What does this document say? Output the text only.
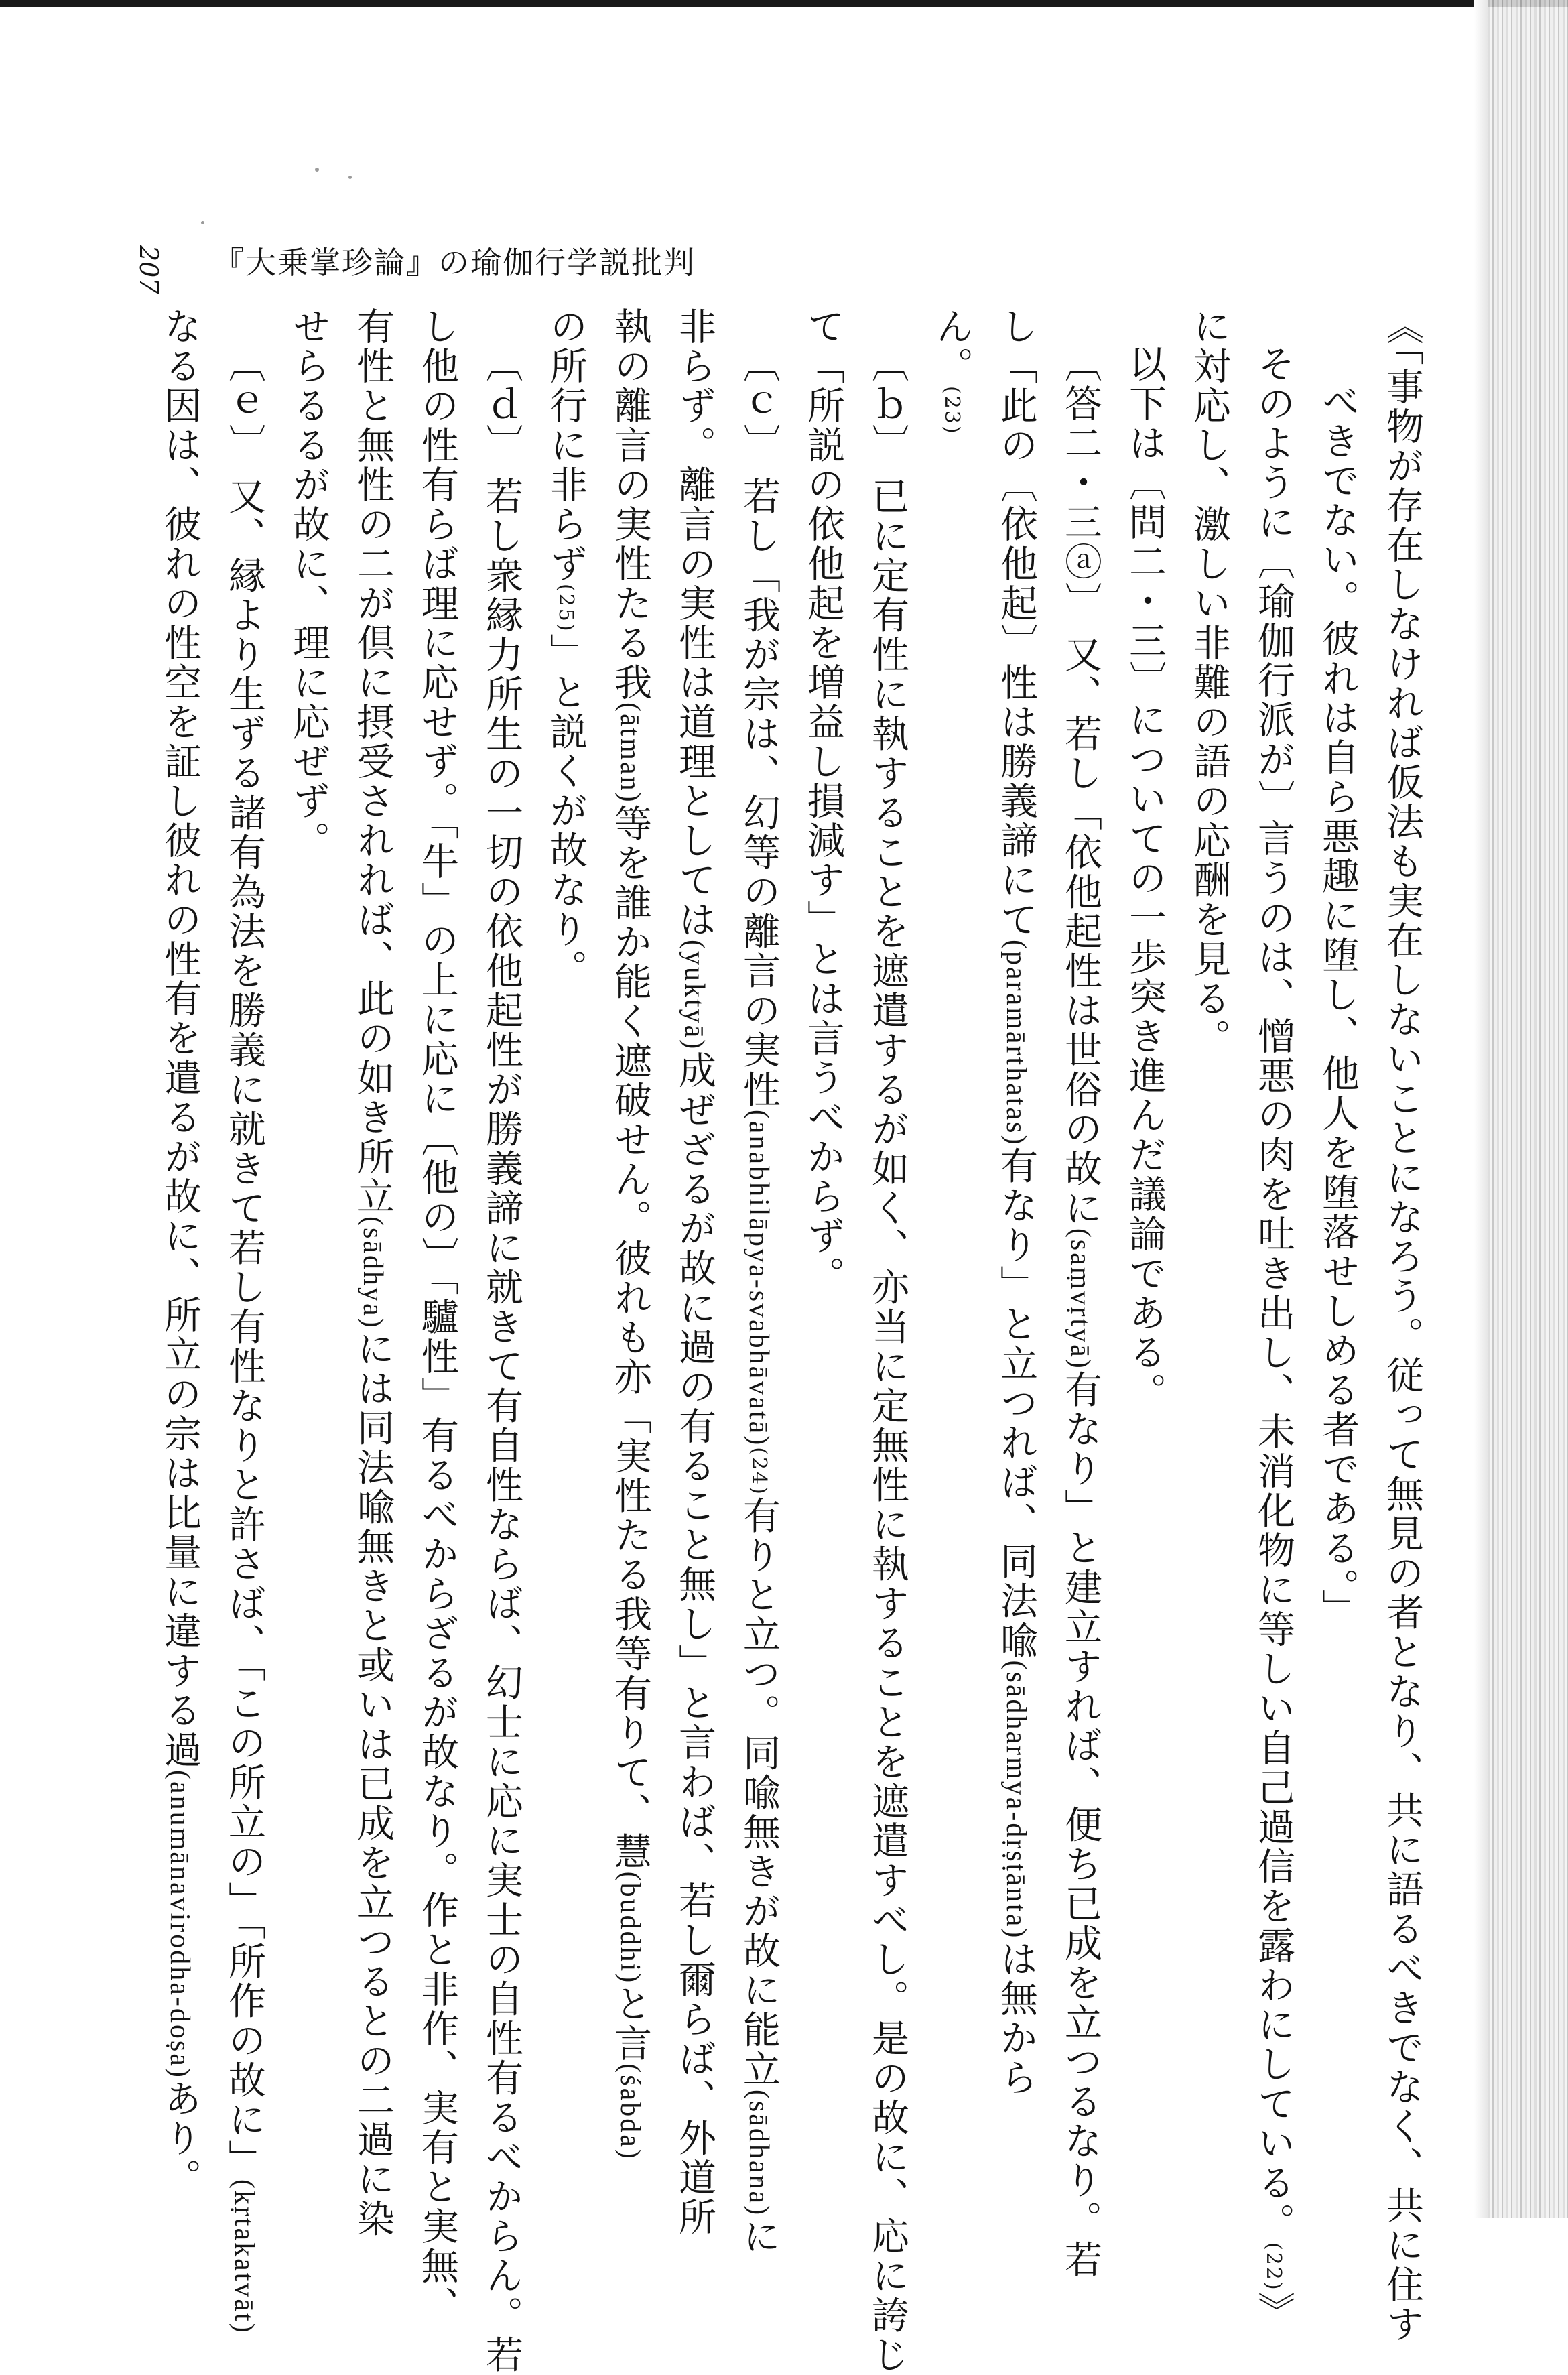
207 『大乗掌珍論』の瑜伽行学説批判
《「事物が存在しなければ仮法も実在しないことになろう。従って無見の者となり、共に語るべきでなく、共に住す
べきでない。彼れは自ら悪趣に堕し、他人を堕落せしめる者である。」
そのように〔瑜伽行派が〕言うのは、憎悪の肉を吐き出し、未消化物に等しい自己過信を露わにしている。(22)》
に対応し、激しい非難の語の応酬を見る。
以下は〔問二・三〕についての一歩突き進んだ議論である。
〔答二・三ⓐ〕 又、若し「依他起性は世俗の故に(saṃvṛtyā)有なり」と建立すれば、便ち已成を立つるなり。若
し「此の〔依他起〕性は勝義諦にて(paramārthatas)有なり」と立つれば、同法喩(sādharmya-dṛṣṭānta)は無から
ん。(23)
〔ｂ〕 已に定有性に執することを遮遣するが如く、亦当に定無性に執することを遮遣すべし。是の故に、応に誇じ
て「所説の依他起を増益し損減す」とは言うべからず。
〔ｃ〕 若し「我が宗は、幻等の離言の実性(anabhilāpya-svabhāvatā)(24)有りと立つ。同喩無きが故に能立(sādhana)に
非らず。離言の実性は道理としては(yuktyā)成ぜざるが故に過の有ること無し」と言わば、若し爾らば、外道所
執の離言の実性たる我(ātman)等を誰か能く遮破せん。彼れも亦「実性たる我等有りて、慧(buddhi)と言(śabda)
の所行に非らず(25)」と説くが故なり。
〔ｄ〕 若し衆縁力所生の一切の依他起性が勝義諦に就きて有自性ならば、幻士に応に実士の自性有るべからん。若
し他の性有らば理に応せず。「牛」の上に応に〔他の〕「驢性」有るべからざるが故なり。作と非作、実有と実無、
有性と無性の二が倶に摂受されれば、此の如き所立(sādhya)には同法喩無きと或いは已成を立つるとの二過に染
せらるるが故に、理に応ぜず。
〔ｅ〕 又、縁より生ずる諸有為法を勝義に就きて若し有性なりと許さば、「この所立の」「所作の故に」(kṛtakatvāt)
なる因は、彼れの性空を証し彼れの性有を遣るが故に、所立の宗は比量に違する過(anumānavirodha-doṣa)あり。
